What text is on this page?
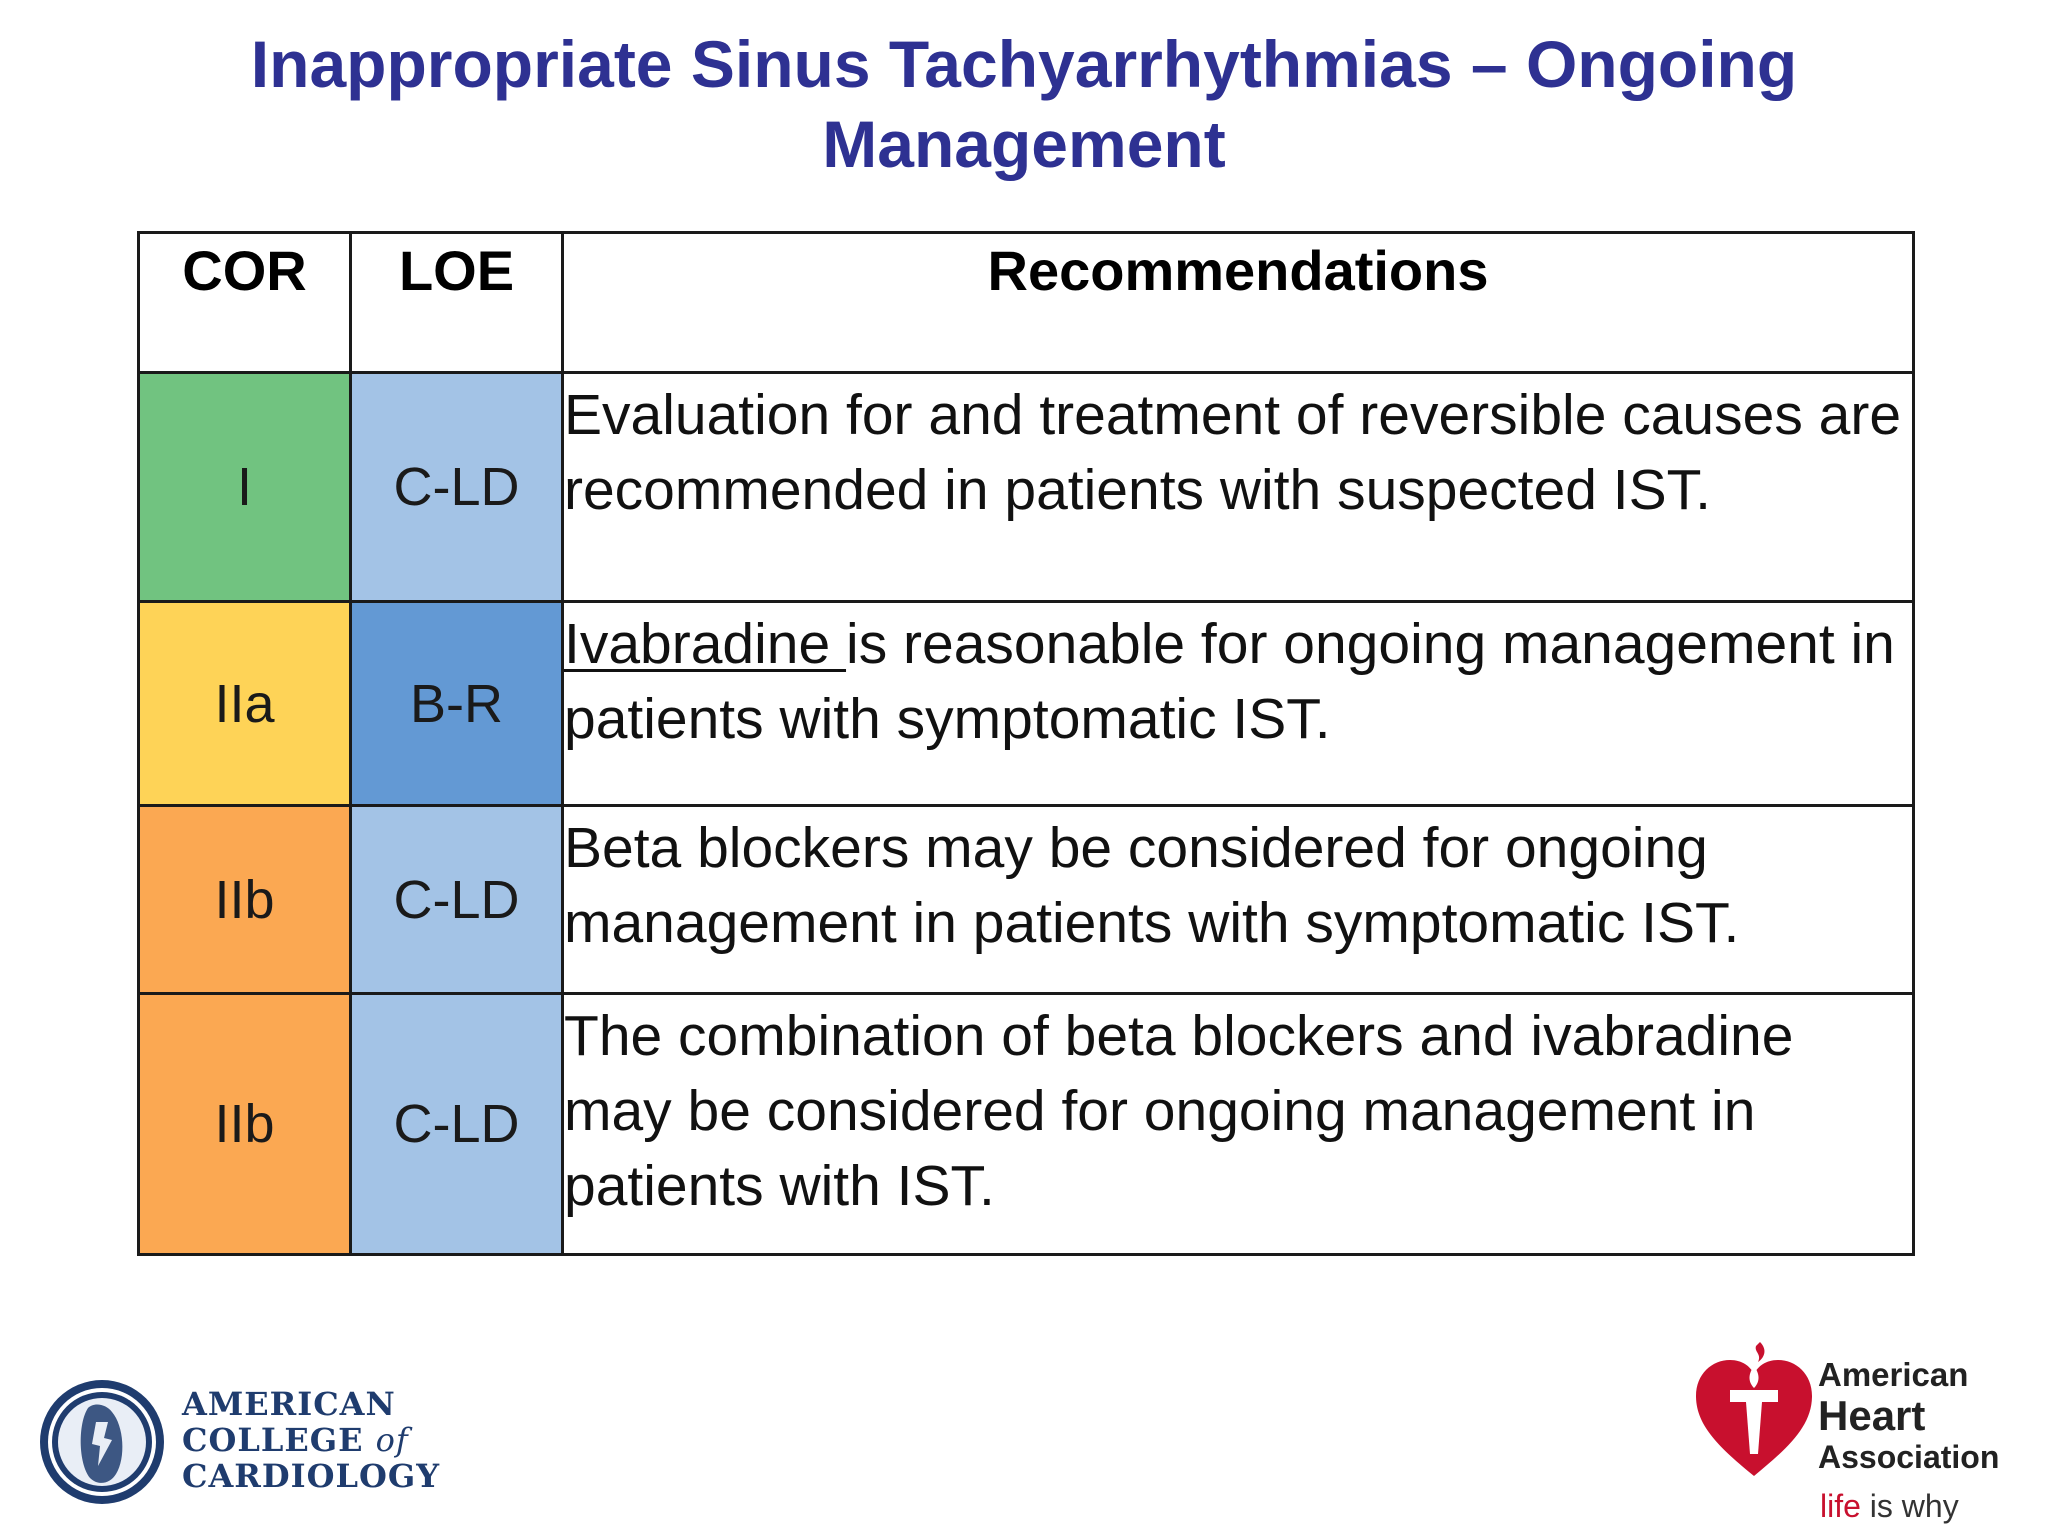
Inappropriate Sinus Tachyarrhythmias – Ongoing
Management
COR	LOE	Recommendations
I	C-LD	Evaluation for and treatment of reversible causes are recommended in patients with suspected IST.

IIa	B-R	Ivabradine is reasonable for ongoing management in patients with symptomatic IST.

IIb	C-LD	Beta blockers may be considered for ongoing management in patients with symptomatic IST.

IIb	C-LD	The combination of beta blockers and ivabradine may be considered for ongoing management in patients with IST.
AMERICAN
COLLEGE of
CARDIOLOGY
American
Heart
Association
life is why
